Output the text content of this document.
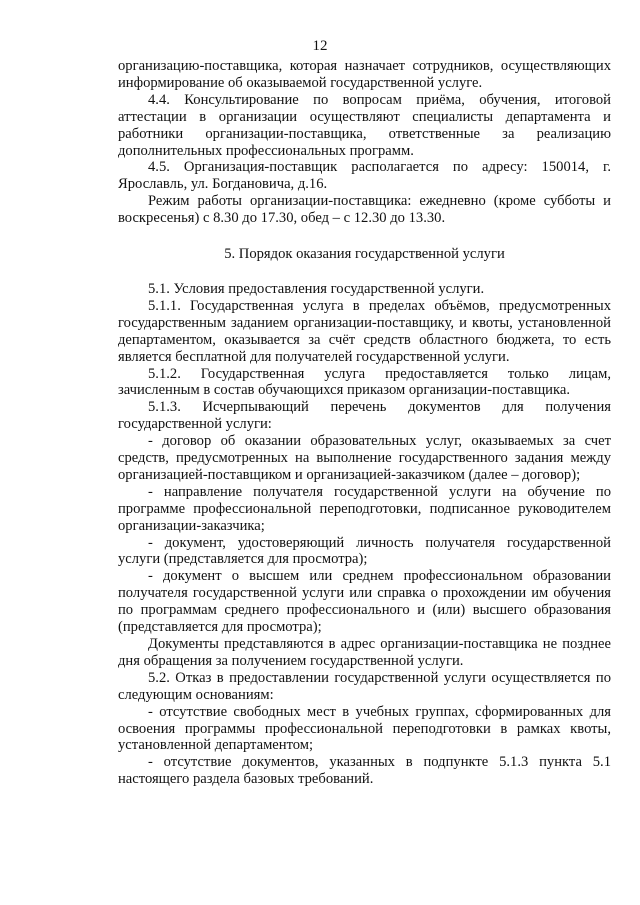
12

организацию-поставщика, которая назначает сотрудников, осуществляющих информирование об оказываемой государственной услуге.

4.4. Консультирование по вопросам приёма, обучения, итоговой аттестации в организации осуществляют специалисты департамента и работники организации-поставщика, ответственные за реализацию дополнительных профессиональных программ.

4.5. Организация-поставщик располагается по адресу: 150014, г. Ярославль, ул. Богдановича, д.16.

Режим работы организации-поставщика: ежедневно (кроме субботы и воскресенья) с 8.30 до 17.30, обед – с 12.30 до 13.30.

5. Порядок оказания государственной услуги

5.1. Условия предоставления государственной услуги.

5.1.1. Государственная услуга в пределах объёмов, предусмотренных государственным заданием организации-поставщику, и квоты, установленной департаментом, оказывается за счёт средств областного бюджета, то есть является бесплатной для получателей государственной услуги.

5.1.2. Государственная услуга предоставляется только лицам, зачисленным в состав обучающихся приказом организации-поставщика.

5.1.3. Исчерпывающий перечень документов для получения государственной услуги:

- договор об оказании образовательных услуг, оказываемых за счет средств, предусмотренных на выполнение государственного задания между организацией-поставщиком и организацией-заказчиком (далее – договор);

- направление получателя государственной услуги на обучение по программе профессиональной переподготовки, подписанное руководителем организации-заказчика;

- документ, удостоверяющий личность получателя государственной услуги (представляется для просмотра);

- документ о высшем или среднем профессиональном образовании получателя государственной услуги или справка о прохождении им обучения по программам среднего профессионального и (или) высшего образования (представляется для просмотра);

Документы представляются в адрес организации-поставщика не позднее дня обращения за получением государственной услуги.

5.2. Отказ в предоставлении государственной услуги осуществляется по следующим основаниям:

- отсутствие свободных мест в учебных группах, сформированных для освоения программы профессиональной переподготовки в рамках квоты, установленной департаментом;

- отсутствие документов, указанных в подпункте 5.1.3 пункта 5.1 настоящего раздела базовых требований.
